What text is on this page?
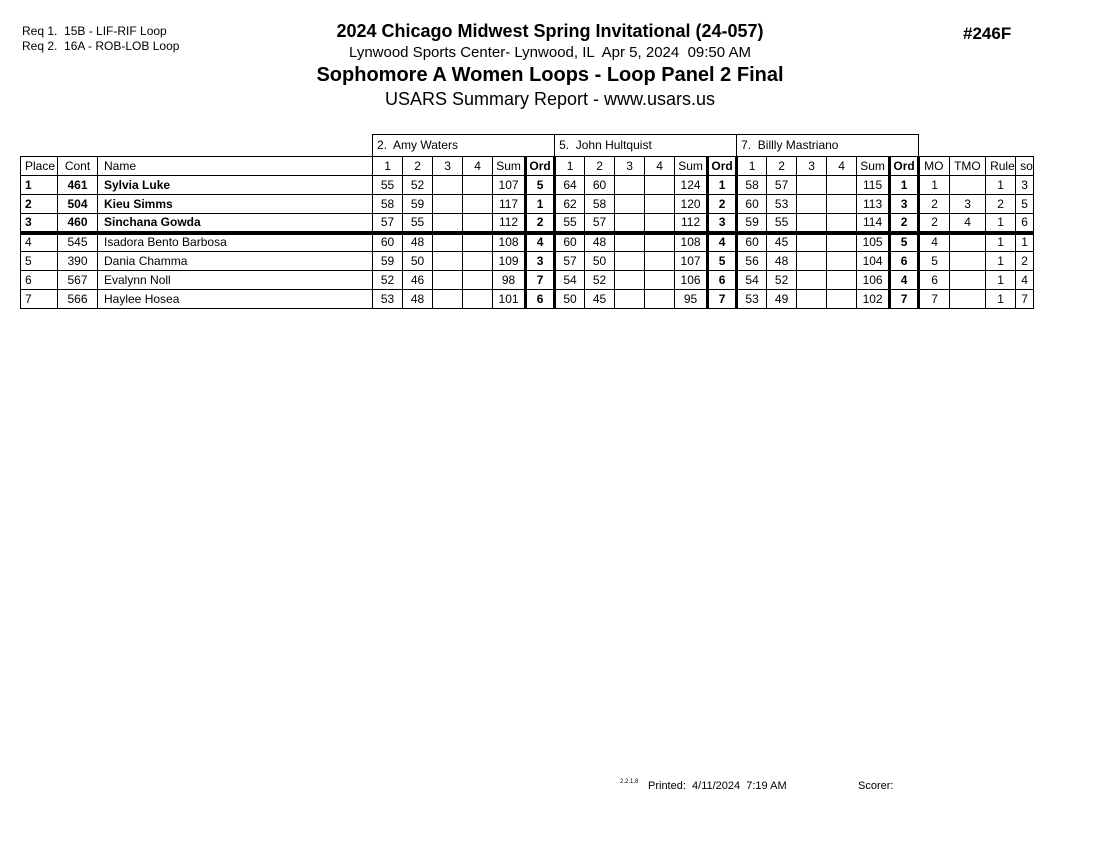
Req 1.  15B - LIF-RIF Loop
Req 2.  16A - ROB-LOB Loop
2024 Chicago Midwest Spring Invitational (24-057)
Lynwood Sports Center- Lynwood, IL  Apr 5, 2024  09:50 AM
Sophomore A Women Loops - Loop Panel 2 Final
USARS Summary Report - www.usars.us
#246F
			2.  Amy Waters						5.  John Hultquist						7.  Billly Mastriano									
Place	Cont	Name	1	2	3	4	Sum	Ord	1	2	3	4	Sum	Ord	1	2	3	4	Sum	Ord	MO	TMO	Rule	so
1	461	Sylvia Luke	55	52			107	5	64	60			124	1	58	57			115	1	1		1	3
2	504	Kieu Simms	58	59			117	1	62	58			120	2	60	53			113	3	2	3	2	5
3	460	Sinchana Gowda	57	55			112	2	55	57			112	3	59	55			114	2	2	4	1	6
4	545	Isadora Bento Barbosa	60	48			108	4	60	48			108	4	60	45			105	5	4		1	1
5	390	Dania Chamma	59	50			109	3	57	50			107	5	56	48			104	6	5		1	2
6	567	Evalynn Noll	52	46			98	7	54	52			106	6	54	52			106	4	6		1	4
7	566	Haylee Hosea	53	48			101	6	50	45			95	7	53	49			102	7	7		1	7
2.2.1.8 Printed:  4/11/2024  7:19 AM	Scorer:
